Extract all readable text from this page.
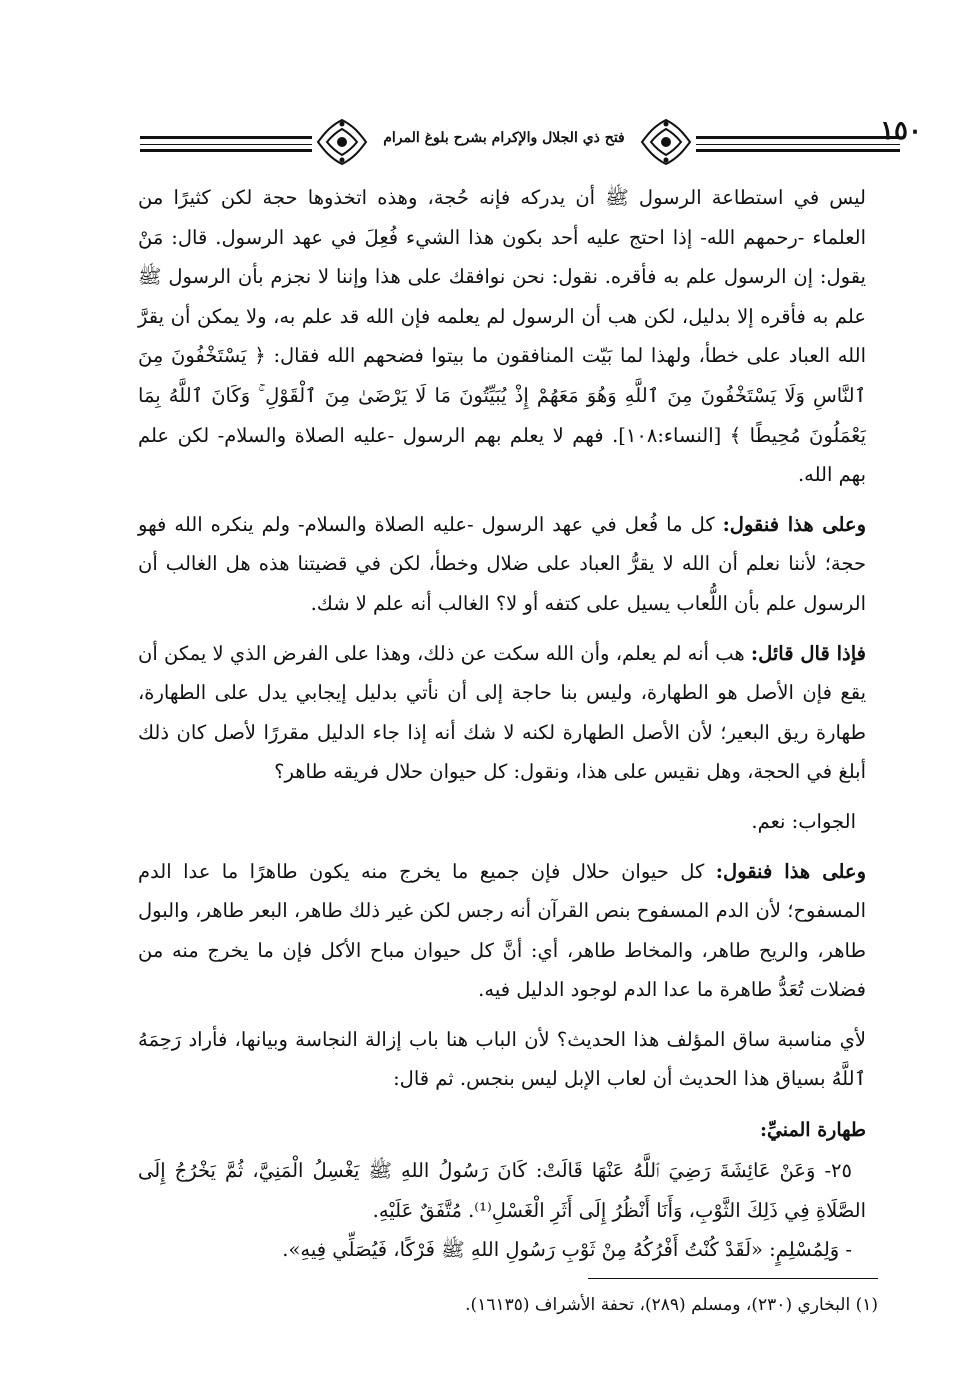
فتح ذي الجلال والإكرام بشرح بلوغ المرام	١٥٠

ليس في استطاعة الرسول ﷺ أن يدركه فإنه حُجة، وهذه اتخذوها حجة لكن كثيرًا من العلماء -رحمهم الله- إذا احتج عليه أحد بكون هذا الشيء فُعِلَ في عهد الرسول. قال: مَنْ يقول: إن الرسول علم به فأقره. نقول: نحن نوافقك على هذا وإننا لا نجزم بأن الرسول ﷺ علم به فأقره إلا بدليل، لكن هب أن الرسول لم يعلمه فإن الله قد علم به، ولا يمكن أن يقرَّ الله العباد على خطأ، ولهذا لما بَيّت المنافقون ما بيتوا فضحهم الله فقال: ﴿ يَسْتَخْفُونَ مِنَ ٱلنَّاسِ وَلَا يَسْتَخْفُونَ مِنَ ٱللَّهِ وَهُوَ مَعَهُمْ إِذْ يُبَيِّتُونَ مَا لَا يَرْضَىٰ مِنَ ٱلْقَوْلِ ۚ وَكَانَ ٱللَّهُ بِمَا يَعْمَلُونَ مُحِيطًا ﴾ [النساء:١٠٨]. فهم لا يعلم بهم الرسول -عليه الصلاة والسلام- لكن علم بهم الله.

وعلى هذا فنقول: كل ما فُعل في عهد الرسول -عليه الصلاة والسلام- ولم ينكره الله فهو حجة؛ لأننا نعلم أن الله لا يقرُّ العباد على ضلال وخطأ، لكن في قضيتنا هذه هل الغالب أن الرسول علم بأن اللُّعاب يسيل على كتفه أو لا؟ الغالب أنه علم لا شك.

فإذا قال قائل: هب أنه لم يعلم، وأن الله سكت عن ذلك، وهذا على الفرض الذي لا يمكن أن يقع فإن الأصل هو الطهارة، وليس بنا حاجة إلى أن نأتي بدليل إيجابي يدل على الطهارة، طهارة ريق البعير؛ لأن الأصل الطهارة لكنه لا شك أنه إذا جاء الدليل مقررًا لأصل كان ذلك أبلغ في الحجة، وهل نقيس على هذا، ونقول: كل حيوان حلال فريقه طاهر؟

الجواب: نعم.

وعلى هذا فنقول: كل حيوان حلال فإن جميع ما يخرج منه يكون طاهرًا ما عدا الدم المسفوح؛ لأن الدم المسفوح بنص القرآن أنه رجس لكن غير ذلك طاهر، البعر طاهر، والبول طاهر، والريح طاهر، والمخاط طاهر، أي: أنَّ كل حيوان مباح الأكل فإن ما يخرج منه من فضلات تُعَدُّ طاهرة ما عدا الدم لوجود الدليل فيه.

لأي مناسبة ساق المؤلف هذا الحديث؟ لأن الباب هنا باب إزالة النجاسة وبيانها، فأراد رَحِمَهُ ٱللَّهُ بسياق هذا الحديث أن لعاب الإبل ليس بنجس. ثم قال:

طهارة المنيِّ:

٢٥- وَعَنْ عَائِشَةَ رَضِيَ ٱللَّهُ عَنْهَا قَالَتْ: كَانَ رَسُولُ اللهِ ﷺ يَغْسِلُ الْمَنِيَّ، ثُمَّ يَخْرُجُ إِلَى الصَّلَاةِ فِي ذَلِكَ الثَّوْبِ، وَأَنَا أَنْظُرُ إِلَى أَثَرِ الْغَسْلِ⁽¹⁾. مُتَّفَقٌ عَلَيْهِ.

- وَلِمُسْلِمٍ: «لَقَدْ كُنْتُ أَفْرُكُهُ مِنْ ثَوْبِ رَسُولِ اللهِ ﷺ فَرْكًا، فَيُصَلِّي فِيهِ».

(١) البخاري (٢٣٠)، ومسلم (٢٨٩)، تحفة الأشراف (١٦١٣٥).
